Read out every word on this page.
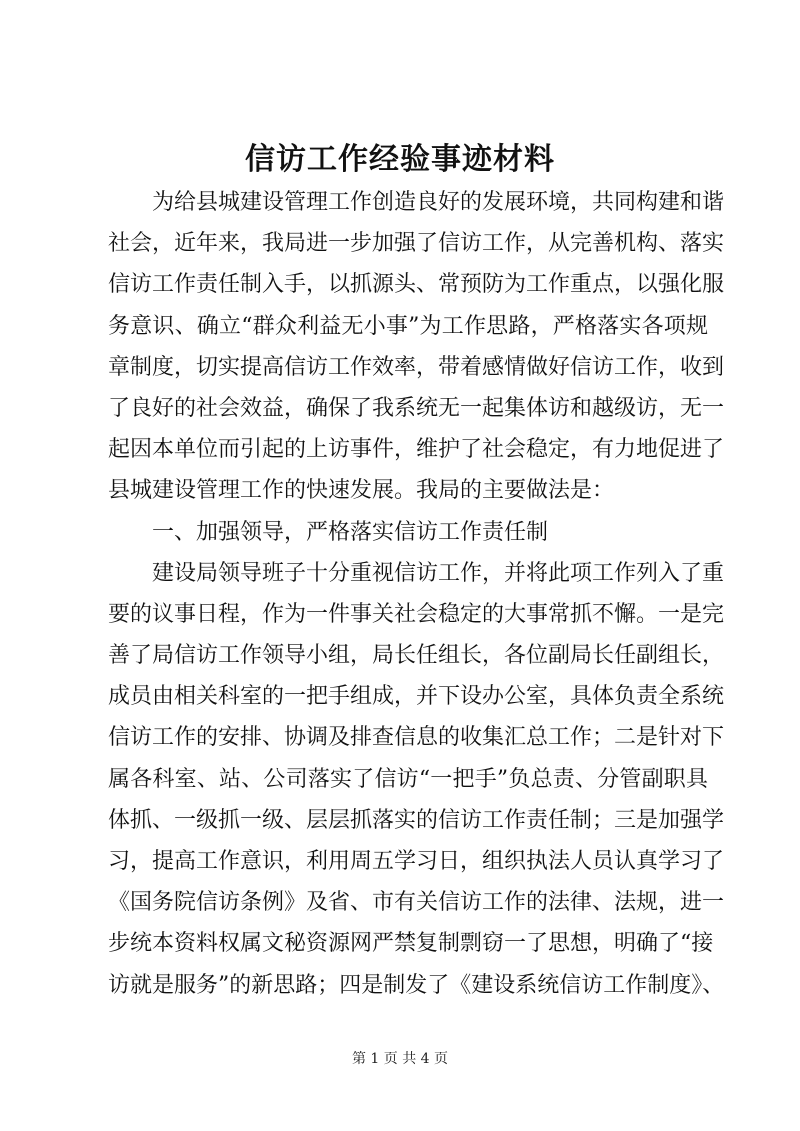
信访工作经验事迹材料
为给县城建设管理工作创造良好的发展环境，共同构建和谐
社会，近年来，我局进一步加强了信访工作，从完善机构、落实
信访工作责任制入手，以抓源头、常预防为工作重点，以强化服
务意识、确立“群众利益无小事”为工作思路，严格落实各项规
章制度，切实提高信访工作效率，带着感情做好信访工作，收到
了良好的社会效益，确保了我系统无一起集体访和越级访，无一
起因本单位而引起的上访事件，维护了社会稳定，有力地促进了
县城建设管理工作的快速发展。我局的主要做法是：
一、加强领导，严格落实信访工作责任制
建设局领导班子十分重视信访工作，并将此项工作列入了重
要的议事日程，作为一件事关社会稳定的大事常抓不懈。一是完
善了局信访工作领导小组，局长任组长，各位副局长任副组长，
成员由相关科室的一把手组成，并下设办公室，具体负责全系统
信访工作的安排、协调及排查信息的收集汇总工作；二是针对下
属各科室、站、公司落实了信访“一把手”负总责、分管副职具
体抓、一级抓一级、层层抓落实的信访工作责任制；三是加强学
习，提高工作意识，利用周五学习日，组织执法人员认真学习了
《国务院信访条例》及省、市有关信访工作的法律、法规，进一
步统本资料权属文秘资源网严禁复制剽窃一了思想，明确了“接
访就是服务”的新思路；四是制发了《建设系统信访工作制度》、
第 1 页 共 4 页
